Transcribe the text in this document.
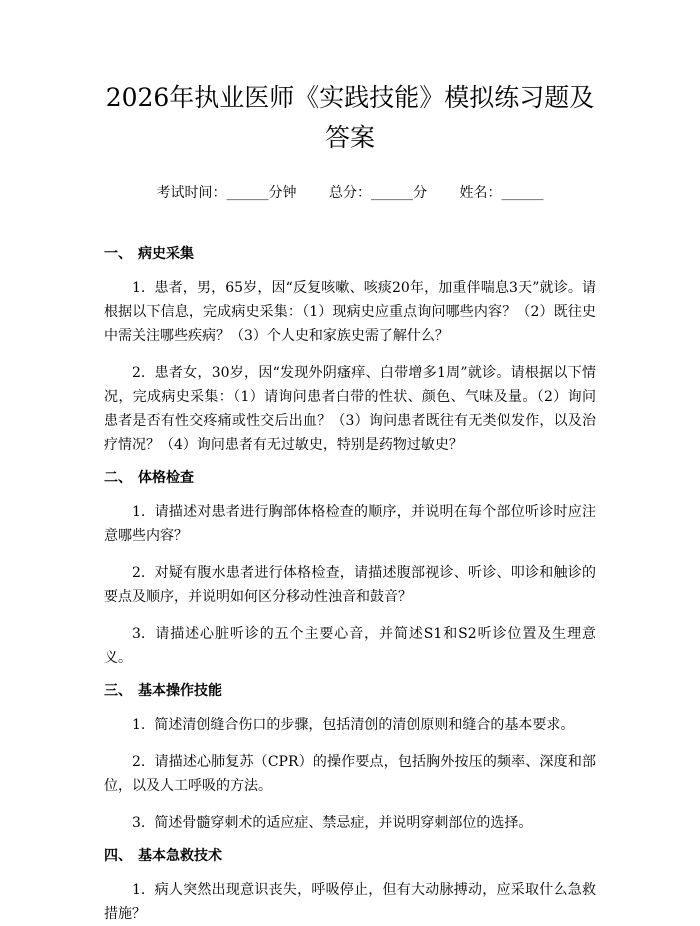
2026年执业医师《实践技能》模拟练习题及
答案
考试时间：______分钟 总分：______分 姓名：______
一、 病史采集

1. 患者，男，65岁，因“反复咳嗽、咳痰20年，加重伴喘息3天”就诊。请根据以下信息，完成病史采集：（1）现病史应重点询问哪些内容？（2）既往史中需关注哪些疾病？（3）个人史和家族史需了解什么？

2. 患者女，30岁，因“发现外阴瘙痒、白带增多1周”就诊。请根据以下情况，完成病史采集：（1）请询问患者白带的性状、颜色、气味及量。（2）询问患者是否有性交疼痛或性交后出血？（3）询问患者既往有无类似发作，以及治疗情况？（4）询问患者有无过敏史，特别是药物过敏史？

二、 体格检查

1. 请描述对患者进行胸部体格检查的顺序，并说明在每个部位听诊时应注意哪些内容？

2. 对疑有腹水患者进行体格检查，请描述腹部视诊、听诊、叩诊和触诊的要点及顺序，并说明如何区分移动性浊音和鼓音？

3. 请描述心脏听诊的五个主要心音，并简述S1和S2听诊位置及生理意义。

三、 基本操作技能

1. 简述清创缝合伤口的步骤，包括清创的清创原则和缝合的基本要求。

2. 请描述心肺复苏（CPR）的操作要点，包括胸外按压的频率、深度和部位，以及人工呼吸的方法。

3. 简述骨髓穿刺术的适应症、禁忌症，并说明穿刺部位的选择。

四、 基本急救技术

1. 病人突然出现意识丧失，呼吸停止，但有大动脉搏动，应采取什么急救措施？
